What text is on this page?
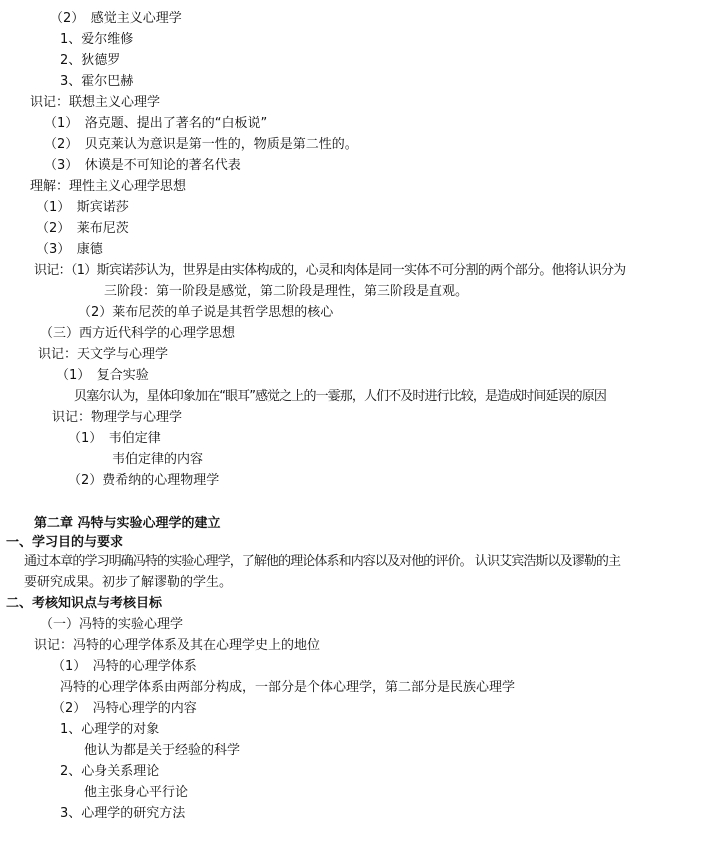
（2）　感觉主义心理学
1、爱尔维修
2、狄德罗
3、霍尔巴赫
识记：联想主义心理学
（1）　洛克题、提出了著名的“白板说”
（2）　贝克莱认为意识是第一性的，物质是第二性的。
（3）　休谟是不可知论的著名代表
理解：理性主义心理学思想
（1）　斯宾诺莎
（2）　莱布尼茨
（3）　康德
识记：（1）斯宾诺莎认为，世界是由实体构成的，心灵和肉体是同一实体不可分割的两个部分。他将认识分为
三阶段：第一阶段是感觉，第二阶段是理性，第三阶段是直观。
（2）莱布尼茨的单子说是其哲学思想的核心
（三）西方近代科学的心理学思想
识记：天文学与心理学
（1）　复合实验
贝塞尔认为，星体印象加在“眼耳”感觉之上的一霎那，人们不及时进行比较，是造成时间延误的原因
识记：物理学与心理学
（1）　韦伯定律
韦伯定律的内容
（2）费希纳的心理物理学
第二章 冯特与实验心理学的建立
一、学习目的与要求
通过本章的学习明确冯特的实验心理学，了解他的理论体系和内容以及对他的评价。 认识艾宾浩斯以及谬勒的主
要研究成果。初步了解谬勒的学生。
二、考核知识点与考核目标
（一）冯特的实验心理学
识记：冯特的心理学体系及其在心理学史上的地位
（1）　冯特的心理学体系
冯特的心理学体系由两部分构成，一部分是个体心理学，第二部分是民族心理学
（2）　冯特心理学的内容
1、心理学的对象
他认为都是关于经验的科学
2、心身关系理论
他主张身心平行论
3、心理学的研究方法
